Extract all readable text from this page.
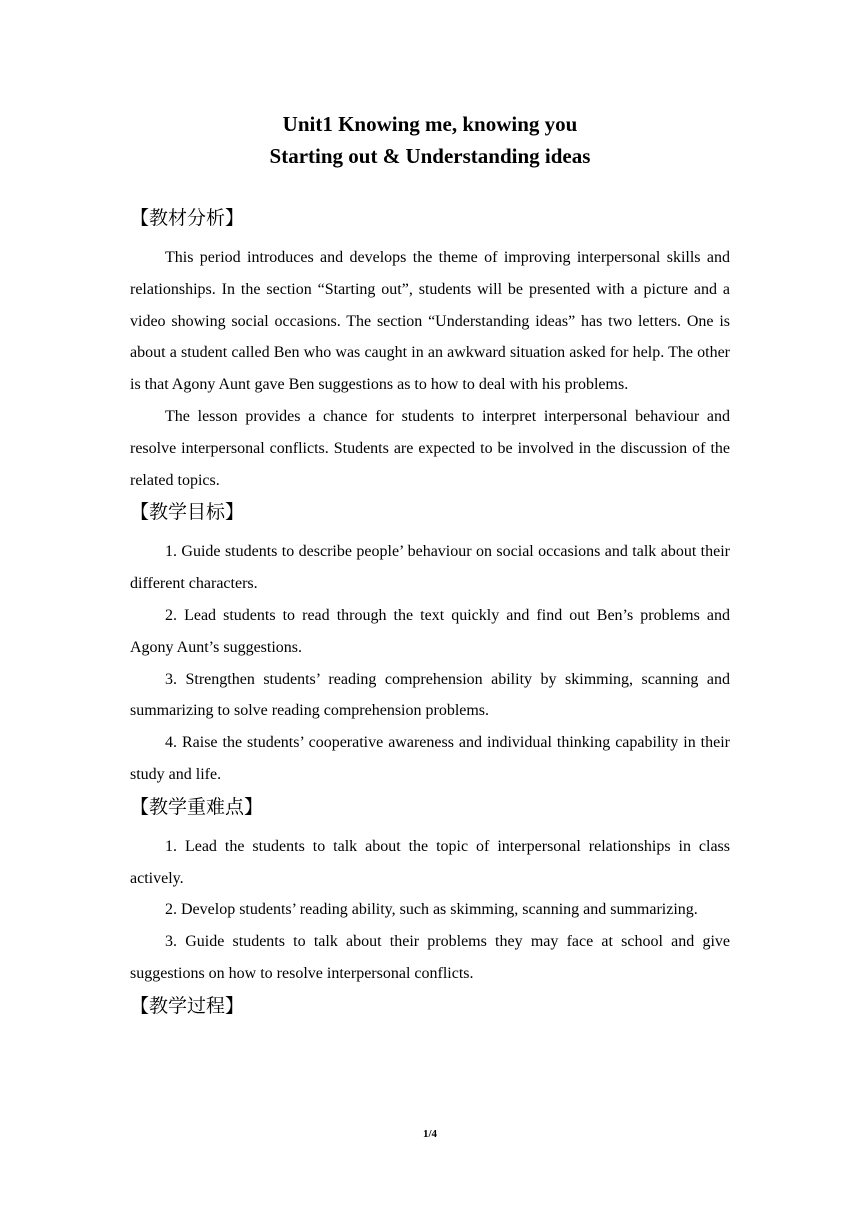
Unit1 Knowing me, knowing you
Starting out & Understanding ideas
【教材分析】

This period introduces and develops the theme of improving interpersonal skills and relationships. In the section “Starting out”, students will be presented with a picture and a video showing social occasions. The section “Understanding ideas” has two letters. One is about a student called Ben who was caught in an awkward situation asked for help. The other is that Agony Aunt gave Ben suggestions as to how to deal with his problems.

The lesson provides a chance for students to interpret interpersonal behaviour and resolve interpersonal conflicts. Students are expected to be involved in the discussion of the related topics.

【教学目标】

1. Guide students to describe people’ behaviour on social occasions and talk about their different characters.

2. Lead students to read through the text quickly and find out Ben’s problems and Agony Aunt’s suggestions.

3. Strengthen students’ reading comprehension ability by skimming, scanning and summarizing to solve reading comprehension problems.

4. Raise the students’ cooperative awareness and individual thinking capability in their study and life.

【教学重难点】

1. Lead the students to talk about the topic of interpersonal relationships in class actively.

2. Develop students’ reading ability, such as skimming, scanning and summarizing.

3. Guide students to talk about their problems they may face at school and give suggestions on how to resolve interpersonal conflicts.

【教学过程】
1/4
